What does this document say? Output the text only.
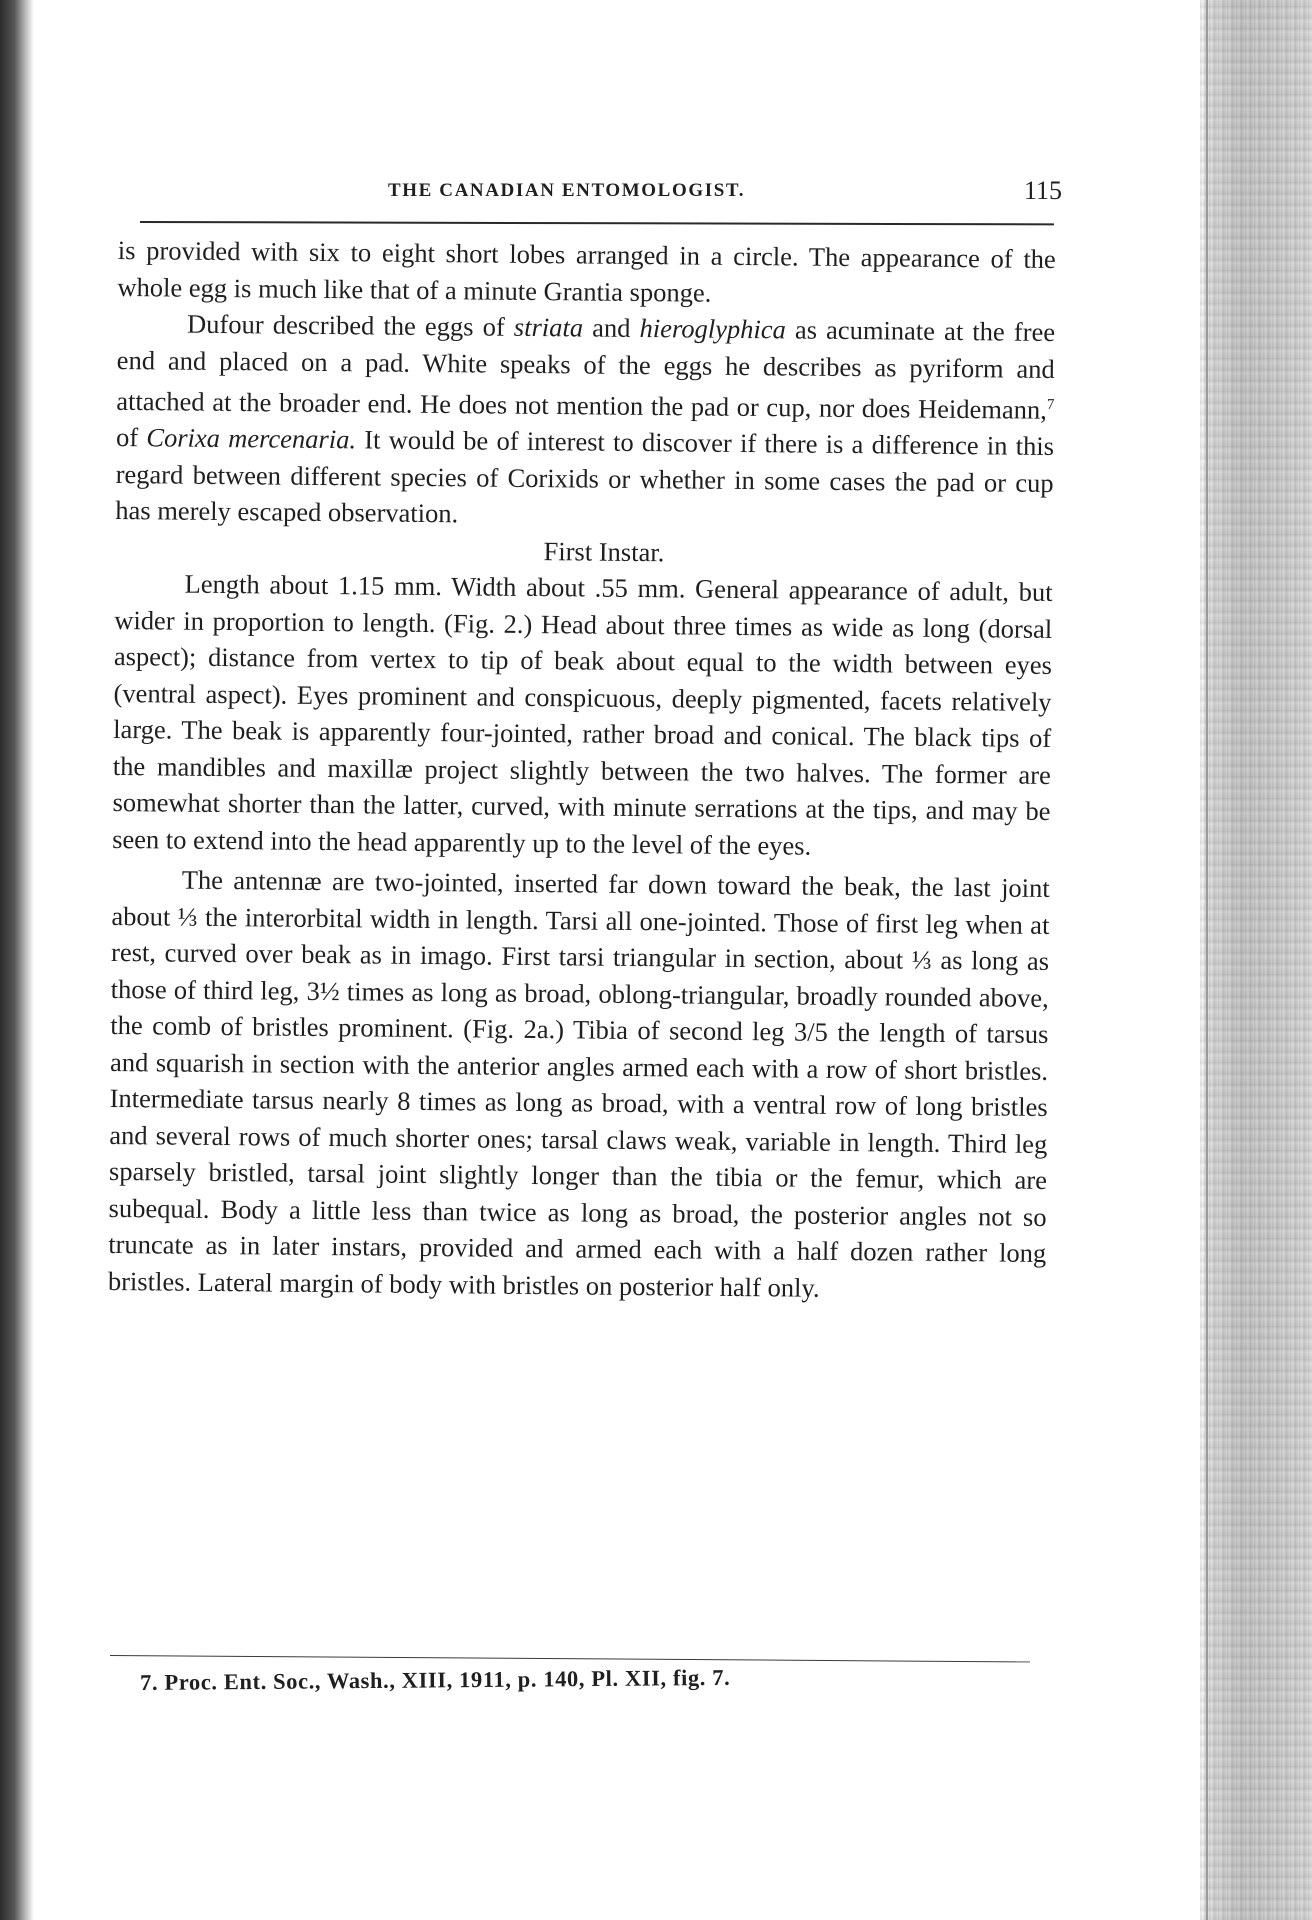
THE CANADIAN ENTOMOLOGIST.	115

is provided with six to eight short lobes arranged in a circle. The appearance of the whole egg is much like that of a minute Grantia sponge.

Dufour described the eggs of striata and hieroglyphica as acuminate at the free end and placed on a pad. White speaks of the eggs he describes as pyriform and attached at the broader end. He does not mention the pad or cup, nor does Heidemann,$^7$ of Corixa mercenaria. It would be of interest to discover if there is a difference in this regard between different species of Corixids or whether in some cases the pad or cup has merely escaped observation.

First Instar.

Length about 1.15 mm. Width about .55 mm. General appearance of adult, but wider in proportion to length. (Fig. 2.) Head about three times as wide as long (dorsal aspect); distance from vertex to tip of beak about equal to the width between eyes (ventral aspect). Eyes prominent and conspicuous, deeply pigmented, facets relatively large. The beak is apparently four-jointed, rather broad and conical. The black tips of the mandibles and maxillæ project slightly between the two halves. The former are somewhat shorter than the latter, curved, with minute serrations at the tips, and may be seen to extend into the head apparently up to the level of the eyes.

The antennæ are two-jointed, inserted far down toward the beak, the last joint about ⅓ the interorbital width in length. Tarsi all one-jointed. Those of first leg when at rest, curved over beak as in imago. First tarsi triangular in section, about ⅓ as long as those of third leg, 3½ times as long as broad, oblong-triangular, broadly rounded above, the comb of bristles prominent. (Fig. 2a.) Tibia of second leg 3/5 the length of tarsus and squarish in section with the anterior angles armed each with a row of short bristles. Intermediate tarsus nearly 8 times as long as broad, with a ventral row of long bristles and several rows of much shorter ones; tarsal claws weak, variable in length. Third leg sparsely bristled, tarsal joint slightly longer than the tibia or the femur, which are subequal. Body a little less than twice as long as broad, the posterior angles not so truncate as in later instars, provided and armed each with a half dozen rather long bristles. Lateral margin of body with bristles on posterior half only.

7. Proc. Ent. Soc., Wash., XIII, 1911, p. 140, Pl. XII, fig. 7.
